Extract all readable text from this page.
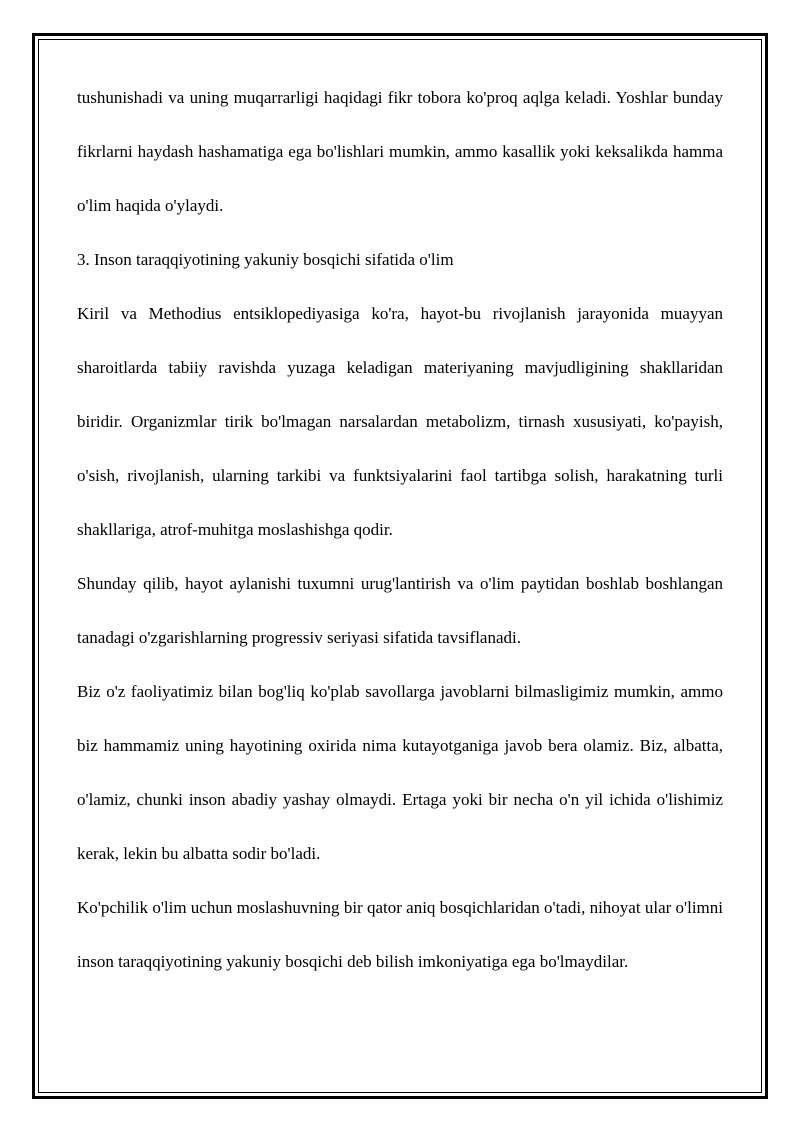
tushunishadi va uning muqarrarligi haqidagi fikr tobora ko'proq aqlga keladi. Yoshlar bunday fikrlarni haydash hashamatiga ega bo'lishlari mumkin, ammo kasallik yoki keksalikda hamma o'lim haqida o'ylaydi.

3. Inson taraqqiyotining yakuniy bosqichi sifatida o'lim

Kiril va Methodius entsiklopediyasiga ko'ra, hayot-bu rivojlanish jarayonida muayyan sharoitlarda tabiiy ravishda yuzaga keladigan materiyaning mavjudligining shakllaridan biridir. Organizmlar tirik bo'lmagan narsalardan metabolizm, tirnash xususiyati, ko'payish, o'sish, rivojlanish, ularning tarkibi va funktsiyalarini faol tartibga solish, harakatning turli shakllariga, atrof-muhitga moslashishga qodir.

Shunday qilib, hayot aylanishi tuxumni urug'lantirish va o'lim paytidan boshlab boshlangan tanadagi o'zgarishlarning progressiv seriyasi sifatida tavsiflanadi.

Biz o'z faoliyatimiz bilan bog'liq ko'plab savollarga javoblarni bilmasligimiz mumkin, ammo biz hammamiz uning hayotining oxirida nima kutayotganiga javob bera olamiz. Biz, albatta, o'lamiz, chunki inson abadiy yashay olmaydi. Ertaga yoki bir necha o'n yil ichida o'lishimiz kerak, lekin bu albatta sodir bo'ladi.

Ko'pchilik o'lim uchun moslashuvning bir qator aniq bosqichlaridan o'tadi, nihoyat ular o'limni inson taraqqiyotining yakuniy bosqichi deb bilish imkoniyatiga ega bo'lmaydilar.
